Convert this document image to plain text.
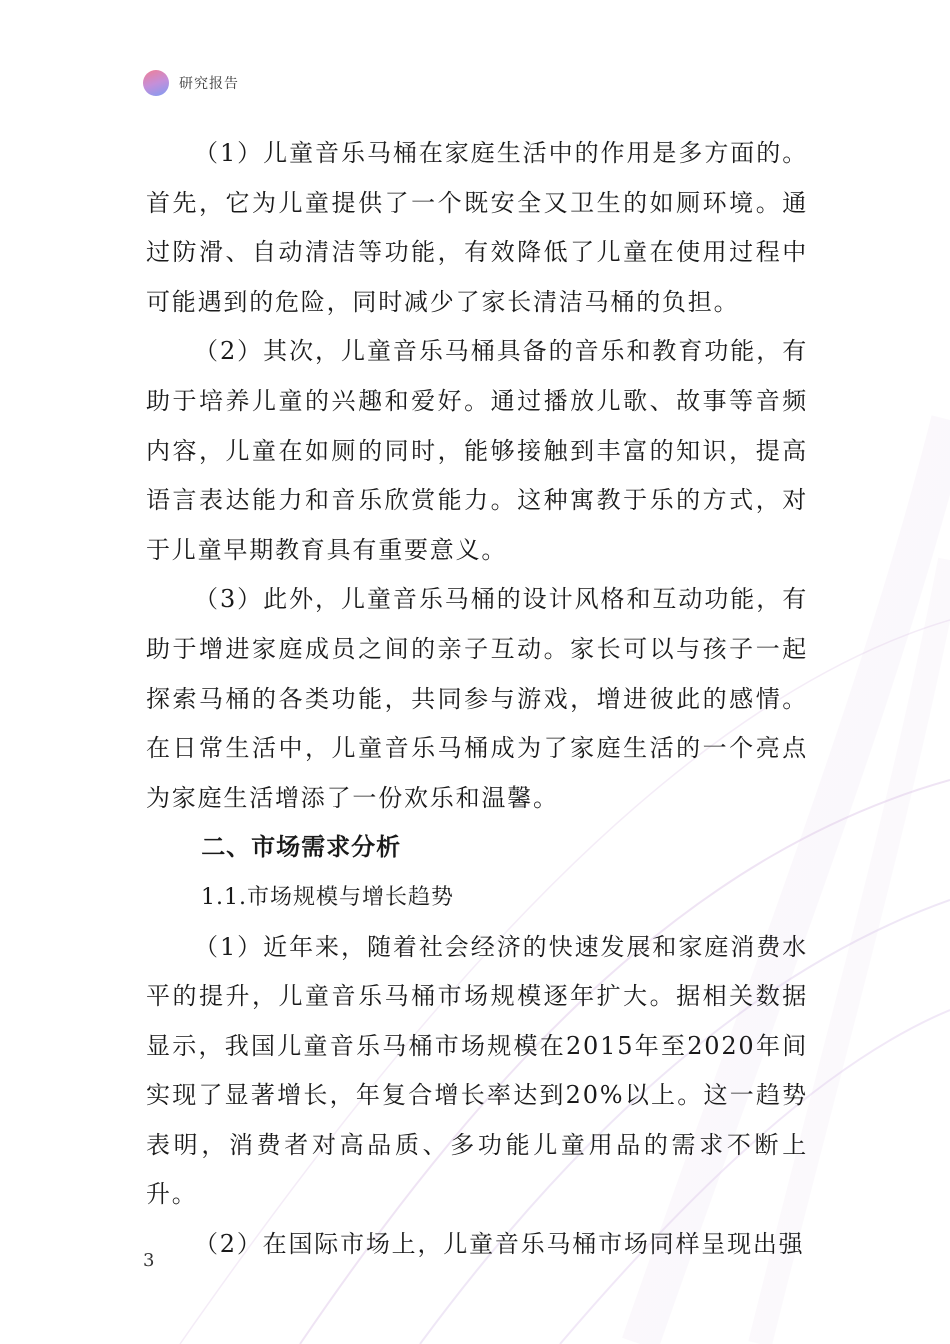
研究报告

（1）儿童音乐马桶在家庭生活中的作用是多方面的。首先，它为儿童提供了一个既安全又卫生的如厕环境。通过防滑、自动清洁等功能，有效降低了儿童在使用过程中可能遇到的危险，同时减少了家长清洁马桶的负担。

（2）其次，儿童音乐马桶具备的音乐和教育功能，有助于培养儿童的兴趣和爱好。通过播放儿歌、故事等音频内容，儿童在如厕的同时，能够接触到丰富的知识，提高语言表达能力和音乐欣赏能力。这种寓教于乐的方式，对于儿童早期教育具有重要意义。

（3）此外，儿童音乐马桶的设计风格和互动功能，有助于增进家庭成员之间的亲子互动。家长可以与孩子一起探索马桶的各类功能，共同参与游戏，增进彼此的感情。在日常生活中，儿童音乐马桶成为了家庭生活的一个亮点为家庭生活增添了一份欢乐和温馨。

二、市场需求分析

1.1.市场规模与增长趋势

（1）近年来，随着社会经济的快速发展和家庭消费水平的提升，儿童音乐马桶市场规模逐年扩大。据相关数据显示，我国儿童音乐马桶市场规模在2015年至2020年间实现了显著增长，年复合增长率达到20%以上。这一趋势表明，消费者对高品质、多功能儿童用品的需求不断上升。

（2）在国际市场上，儿童音乐马桶市场同样呈现出强

3
